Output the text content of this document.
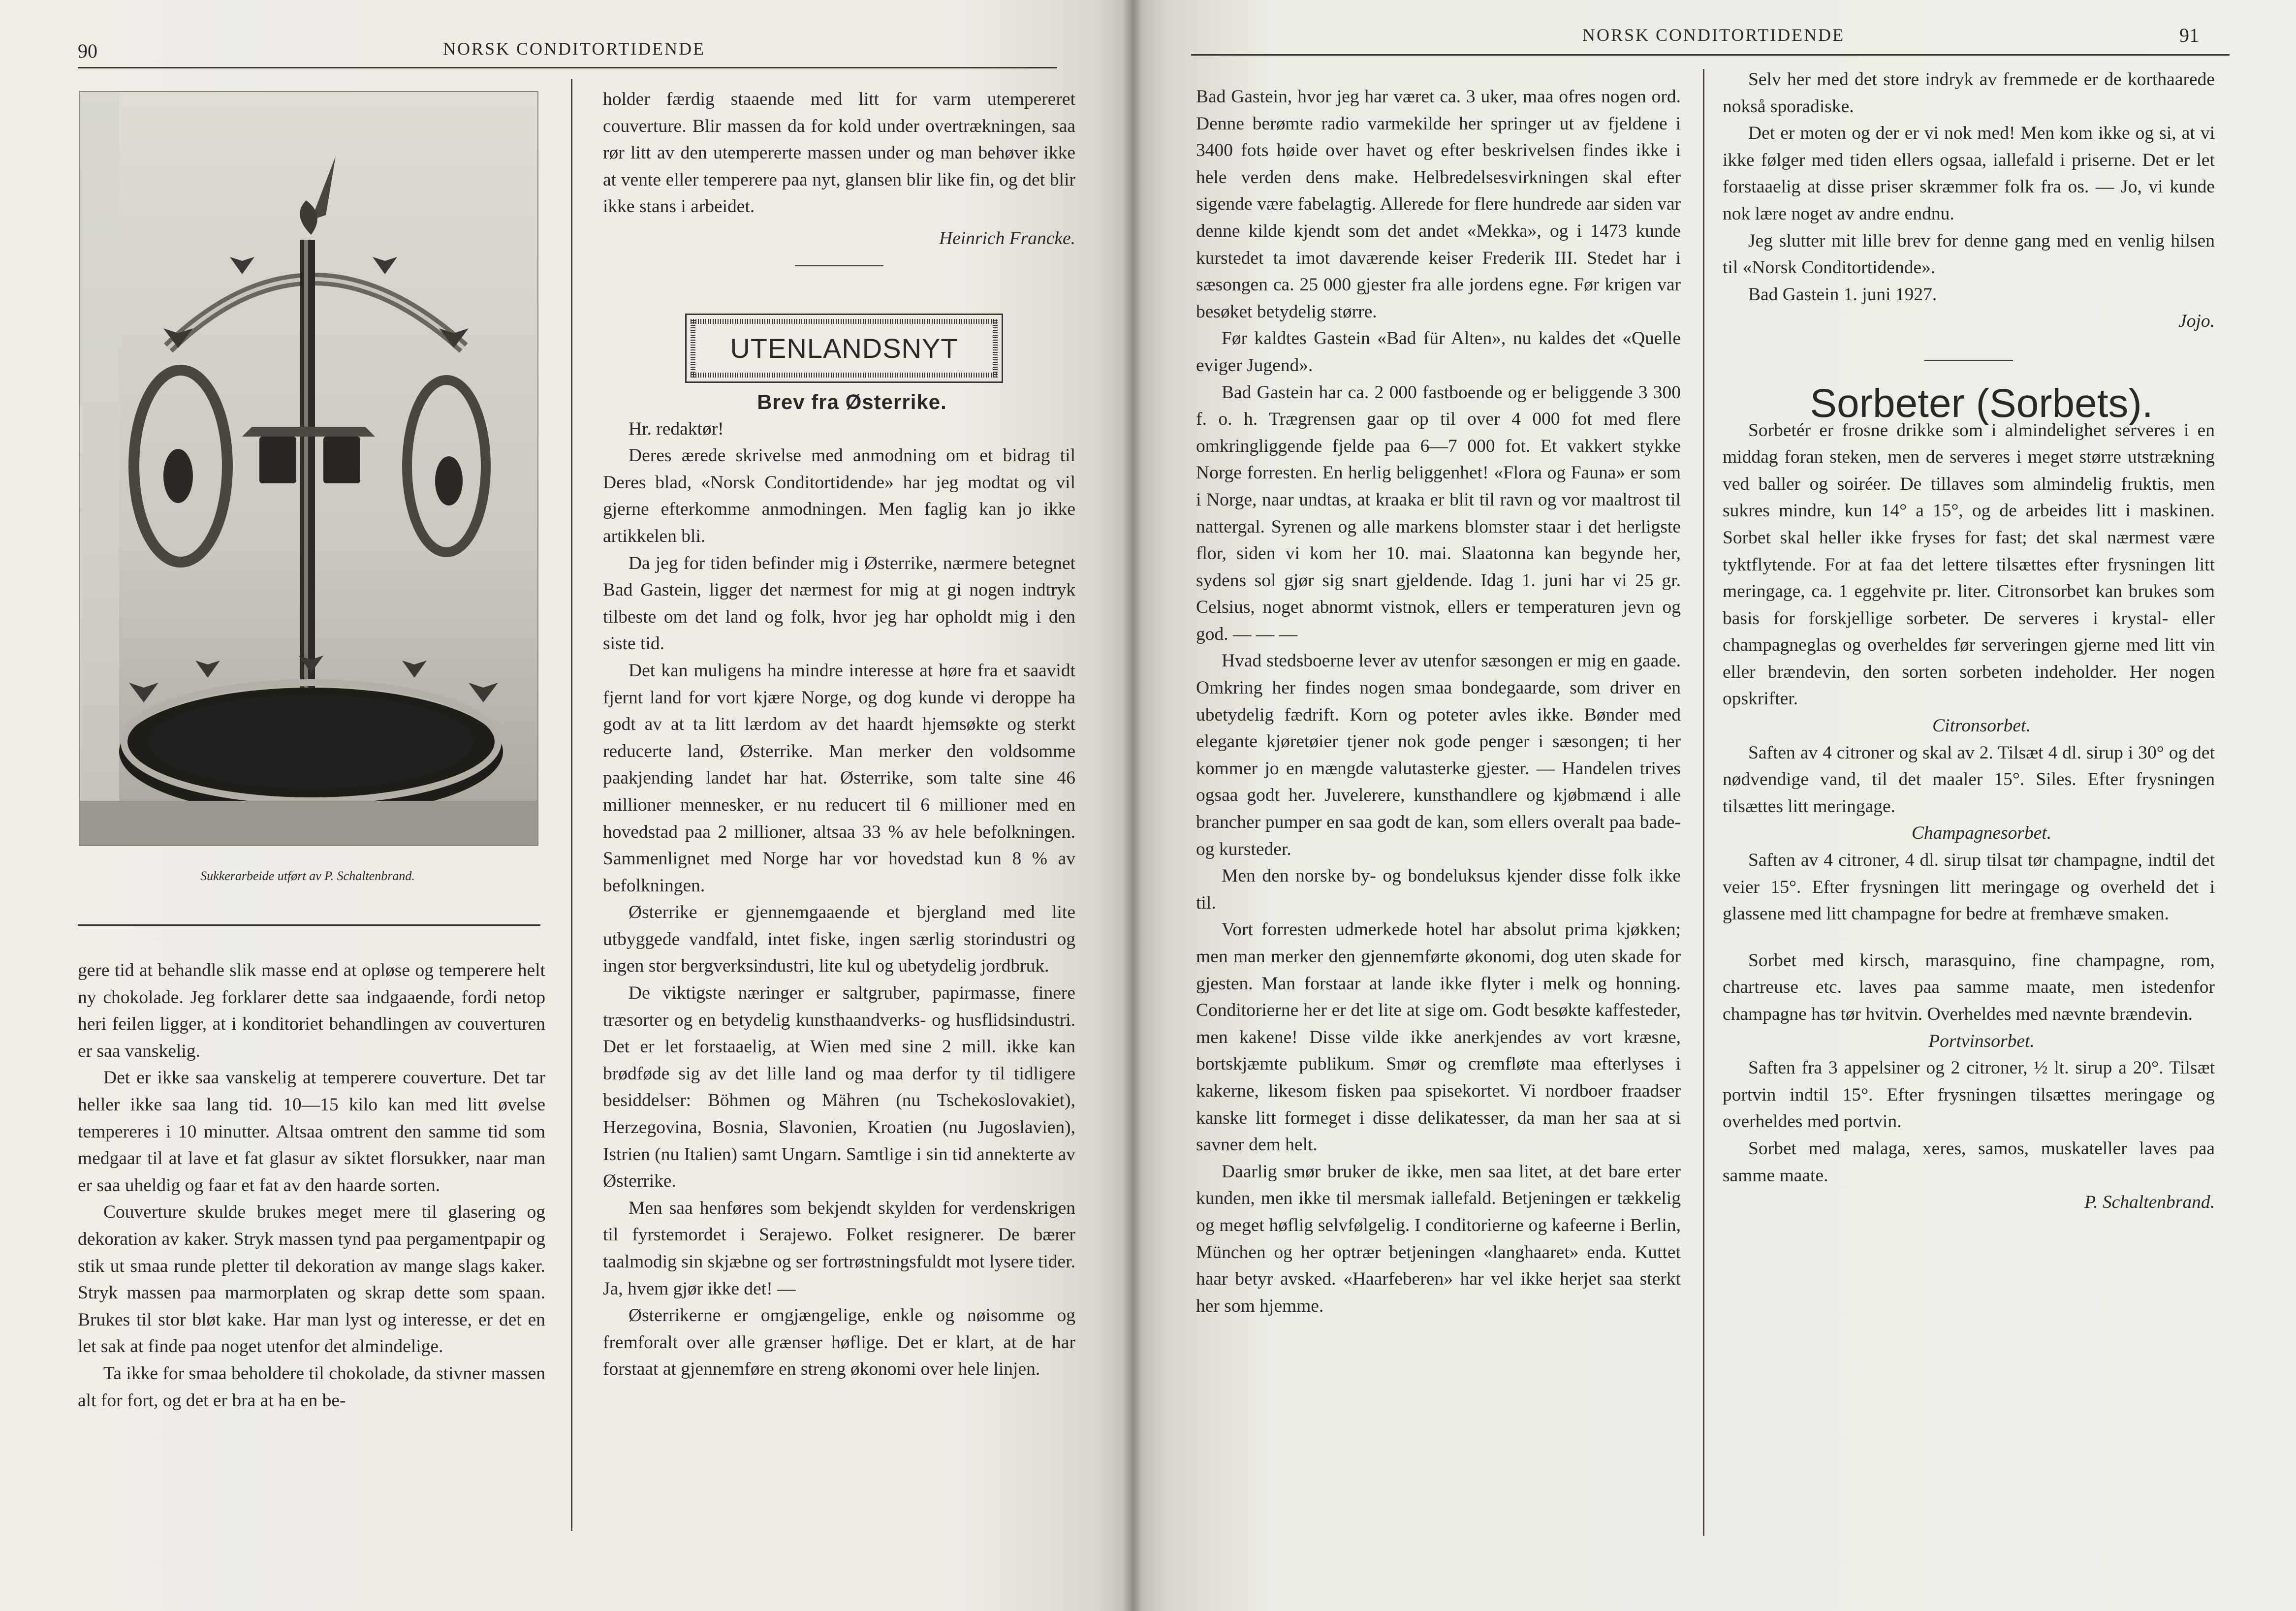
90	NORSK CONDITORTIDENDE
Sukkerarbeide utført av P. Schaltenbrand.

gere tid at behandle slik masse end at opløse og temperere helt ny chokolade. Jeg forklarer dette saa indgaaende, fordi netop heri feilen ligger, at i konditoriet behandlingen av couverturen er saa vanskelig.

Det er ikke saa vanskelig at temperere couverture. Det tar heller ikke saa lang tid. 10—15 kilo kan med litt øvelse tempereres i 10 minutter. Altsaa omtrent den samme tid som medgaar til at lave et fat glasur av siktet florsukker, naar man er saa uheldig og faar et fat av den haarde sorten.

Couverture skulde brukes meget mere til glasering og dekoration av kaker. Stryk massen tynd paa pergamentpapir og stik ut smaa runde pletter til dekoration av mange slags kaker. Stryk massen paa marmorplaten og skrap dette som spaan. Brukes til stor bløt kake. Har man lyst og interesse, er det en let sak at finde paa noget utenfor det almindelige.

Ta ikke for smaa beholdere til chokolade, da stivner massen alt for fort, og det er bra at ha en be-

holder færdig staaende med litt for varm utempereret couverture. Blir massen da for kold under overtrækningen, saa rør litt av den utempererte massen under og man behøver ikke at vente eller temperere paa nyt, glansen blir like fin, og det blir ikke stans i arbeidet.

Heinrich Francke.

UTENLANDSNYT

Brev fra Østerrike.

Hr. redaktør!

Deres ærede skrivelse med anmodning om et bidrag til Deres blad, «Norsk Conditortidende» har jeg modtat og vil gjerne efterkomme anmodningen. Men faglig kan jo ikke artikkelen bli.

Da jeg for tiden befinder mig i Østerrike, nærmere betegnet Bad Gastein, ligger det nærmest for mig at gi nogen indtryk tilbeste om det land og folk, hvor jeg har opholdt mig i den siste tid.

Det kan muligens ha mindre interesse at høre fra et saavidt fjernt land for vort kjære Norge, og dog kunde vi deroppe ha godt av at ta litt lærdom av det haardt hjemsøkte og sterkt reducerte land, Østerrike. Man merker den voldsomme paakjending landet har hat. Østerrike, som talte sine 46 millioner mennesker, er nu reducert til 6 millioner med en hovedstad paa 2 millioner, altsaa 33 % av hele befolkningen. Sammenlignet med Norge har vor hovedstad kun 8 % av befolkningen.

Østerrike er gjennemgaaende et bjergland med lite utbyggede vandfald, intet fiske, ingen særlig storindustri og ingen stor bergverksindustri, lite kul og ubetydelig jordbruk.

De viktigste næringer er saltgruber, papirmasse, finere træsorter og en betydelig kunsthaandverks- og husflidsindustri. Det er let forstaaelig, at Wien med sine 2 mill. ikke kan brødføde sig av det lille land og maa derfor ty til tidligere besiddelser: Böhmen og Mähren (nu Tschekoslovakiet), Herzegovina, Bosnia, Slavonien, Kroatien (nu Jugoslavien), Istrien (nu Italien) samt Ungarn. Samtlige i sin tid annekterte av Østerrike.

Men saa henføres som bekjendt skylden for verdenskrigen til fyrstemordet i Serajewo. Folket resignerer. De bærer taalmodig sin skjæbne og ser fortrøstningsfuldt mot lysere tider. Ja, hvem gjør ikke det! —

Østerrikerne er omgjængelige, enkle og nøisomme og fremforalt over alle grænser høflige. Det er klart, at de har forstaat at gjennemføre en streng økonomi over hele linjen.

NORSK CONDITORTIDENDE	91

Bad Gastein, hvor jeg har været ca. 3 uker, maa ofres nogen ord. Denne berømte radio varmekilde her springer ut av fjeldene i 3400 fots høide over havet og efter beskrivelsen findes ikke i hele verden dens make. Helbredelsesvirkningen skal efter sigende være fabelagtig. Allerede for flere hundrede aar siden var denne kilde kjendt som det andet «Mekka», og i 1473 kunde kurstedet ta imot daværende keiser Frederik III. Stedet har i sæsongen ca. 25 000 gjester fra alle jordens egne. Før krigen var besøket betydelig større.

Før kaldtes Gastein «Bad für Alten», nu kaldes det «Quelle eviger Jugend».

Bad Gastein har ca. 2 000 fastboende og er beliggende 3 300 f. o. h. Trægrensen gaar op til over 4 000 fot med flere omkringliggende fjelde paa 6—7 000 fot. Et vakkert stykke Norge forresten. En herlig beliggenhet! «Flora og Fauna» er som i Norge, naar undtas, at kraaka er blit til ravn og vor maaltrost til nattergal. Syrenen og alle markens blomster staar i det herligste flor, siden vi kom her 10. mai. Slaatonna kan begynde her, sydens sol gjør sig snart gjeldende. Idag 1. juni har vi 25 gr. Celsius, noget abnormt vistnok, ellers er temperaturen jevn og god. — — —

Hvad stedsboerne lever av utenfor sæsongen er mig en gaade. Omkring her findes nogen smaa bondegaarde, som driver en ubetydelig fædrift. Korn og poteter avles ikke. Bønder med elegante kjøretøier tjener nok gode penger i sæsongen; ti her kommer jo en mængde valutasterke gjester. — Handelen trives ogsaa godt her. Juvelerere, kunsthandlere og kjøbmænd i alle brancher pumper en saa godt de kan, som ellers overalt paa bade- og kursteder.

Men den norske by- og bondeluksus kjender disse folk ikke til.

Vort forresten udmerkede hotel har absolut prima kjøkken; men man merker den gjennemførte økonomi, dog uten skade for gjesten. Man forstaar at lande ikke flyter i melk og honning. Conditorierne her er det lite at sige om. Godt besøkte kaffesteder, men kakene! Disse vilde ikke anerkjendes av vort kræsne, bortskjæmte publikum. Smør og cremfløte maa efterlyses i kakerne, likesom fisken paa spisekortet. Vi nordboer fraadser kanske litt formeget i disse delikatesser, da man her saa at si savner dem helt.

Daarlig smør bruker de ikke, men saa litet, at det bare erter kunden, men ikke til mersmak iallefald. Betjeningen er tækkelig og meget høflig selvfølgelig. I conditorierne og kafeerne i Berlin, München og her optrær betjeningen «langhaaret» enda. Kuttet haar betyr avsked. «Haarfeberen» har vel ikke herjet saa sterkt her som hjemme.

Selv her med det store indryk av fremmede er de korthaarede nokså sporadiske.

Det er moten og der er vi nok med! Men kom ikke og si, at vi ikke følger med tiden ellers ogsaa, iallefald i priserne. Det er let forstaaelig at disse priser skræmmer folk fra os. — Jo, vi kunde nok lære noget av andre endnu.

Jeg slutter mit lille brev for denne gang med en venlig hilsen til «Norsk Conditortidende».

Bad Gastein 1. juni 1927.

Jojo.

Sorbeter (Sorbets).

Sorbetér er frosne drikke som i almindelighet serveres i en middag foran steken, men de serveres i meget større utstrækning ved baller og soiréer. De tillaves som almindelig fruktis, men sukres mindre, kun 14° a 15°, og de arbeides litt i maskinen. Sorbet skal heller ikke fryses for fast; det skal nærmest være tyktflytende. For at faa det lettere tilsættes efter frysningen litt meringage, ca. 1 eggehvite pr. liter. Citronsorbet kan brukes som basis for forskjellige sorbeter. De serveres i krystal- eller champagneglas og overheldes før serveringen gjerne med litt vin eller brændevin, den sorten sorbeten indeholder. Her nogen opskrifter.

Citronsorbet.

Saften av 4 citroner og skal av 2. Tilsæt 4 dl. sirup i 30° og det nødvendige vand, til det maaler 15°. Siles. Efter frysningen tilsættes litt meringage.

Champagnesorbet.

Saften av 4 citroner, 4 dl. sirup tilsat tør champagne, indtil det veier 15°. Efter frysningen litt meringage og overheld det i glassene med litt champagne for bedre at fremhæve smaken.

Sorbet med kirsch, marasquino, fine champagne, rom, chartreuse etc. laves paa samme maate, men istedenfor champagne has tør hvitvin. Overheldes med nævnte brændevin.

Portvinsorbet.

Saften fra 3 appelsiner og 2 citroner, ½ lt. sirup a 20°. Tilsæt portvin indtil 15°. Efter frysningen tilsættes meringage og overheldes med portvin.

Sorbet med malaga, xeres, samos, muskateller laves paa samme maate.

P. Schaltenbrand.
